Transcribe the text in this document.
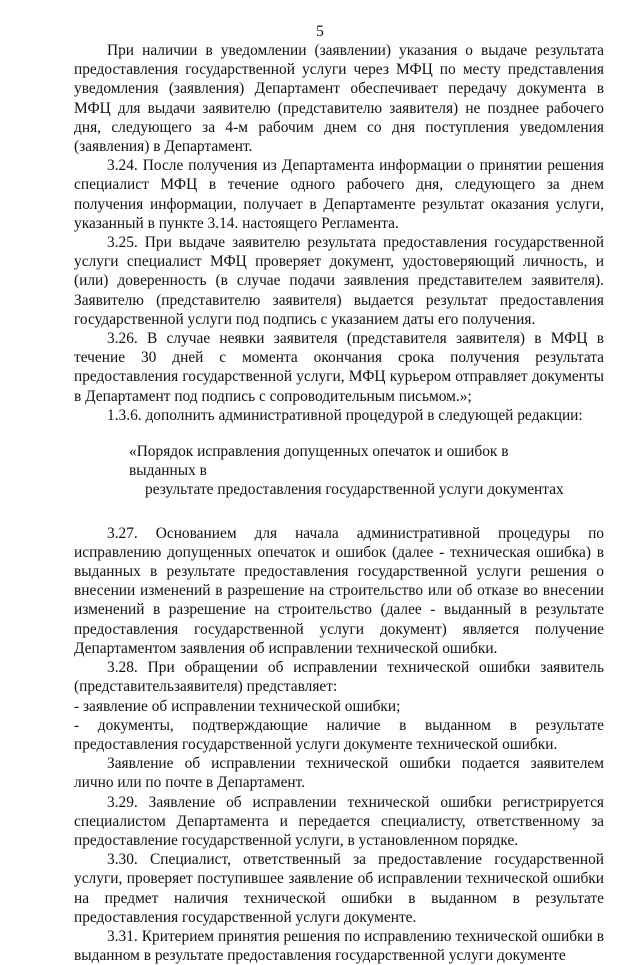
5

При наличии в уведомлении (заявлении) указания о выдаче результата предоставления государственной услуги через МФЦ по месту представления уведомления (заявления) Департамент обеспечивает передачу документа в МФЦ для выдачи заявителю (представителю заявителя) не позднее рабочего дня, следующего за 4-м рабочим днем со дня поступления уведомления (заявления) в Департамент.

3.24. После получения из Департамента информации о принятии решения специалист МФЦ в течение одного рабочего дня, следующего за днем получения информации, получает в Департаменте результат оказания услуги, указанный в пункте 3.14. настоящего Регламента.

3.25. При выдаче заявителю результата предоставления государственной услуги специалист МФЦ проверяет документ, удостоверяющий личность, и (или) доверенность (в случае подачи заявления представителем заявителя). Заявителю (представителю заявителя) выдается результат предоставления государственной услуги под подпись с указанием даты его получения.

3.26. В случае неявки заявителя (представителя заявителя) в МФЦ в течение 30 дней с момента окончания срока получения результата предоставления государственной услуги, МФЦ курьером отправляет документы в Департамент под подпись с сопроводительным письмом.»;

1.3.6. дополнить административной процедурой в следующей редакции:

«Порядок исправления допущенных опечаток и ошибок в выданных в
результате предоставления государственной услуги документах

3.27. Основанием для начала административной процедуры по исправлению допущенных опечаток и ошибок (далее - техническая ошибка) в выданных в результате предоставления государственной услуги решения о внесении изменений в разрешение на строительство или об отказе во внесении изменений в разрешение на строительство (далее - выданный в результате предоставления государственной услуги документ) является получение Департаментом заявления об исправлении технической ошибки.

3.28. При обращении об исправлении технической ошибки заявитель (представительзаявителя) представляет:

- заявление об исправлении технической ошибки;

- документы, подтверждающие наличие в выданном в результате предоставления государственной услуги документе технической ошибки.

Заявление об исправлении технической ошибки подается заявителем лично или по почте в Департамент.

3.29. Заявление об исправлении технической ошибки регистрируется специалистом Департамента и передается специалисту, ответственному за предоставление государственной услуги, в установленном порядке.

3.30. Специалист, ответственный за предоставление государственной услуги, проверяет поступившее заявление об исправлении технической ошибки на предмет наличия технической ошибки в выданном в результате предоставления государственной услуги документе.

3.31. Критерием принятия решения по исправлению технической ошибки в выданном в результате предоставления государственной услуги документе
